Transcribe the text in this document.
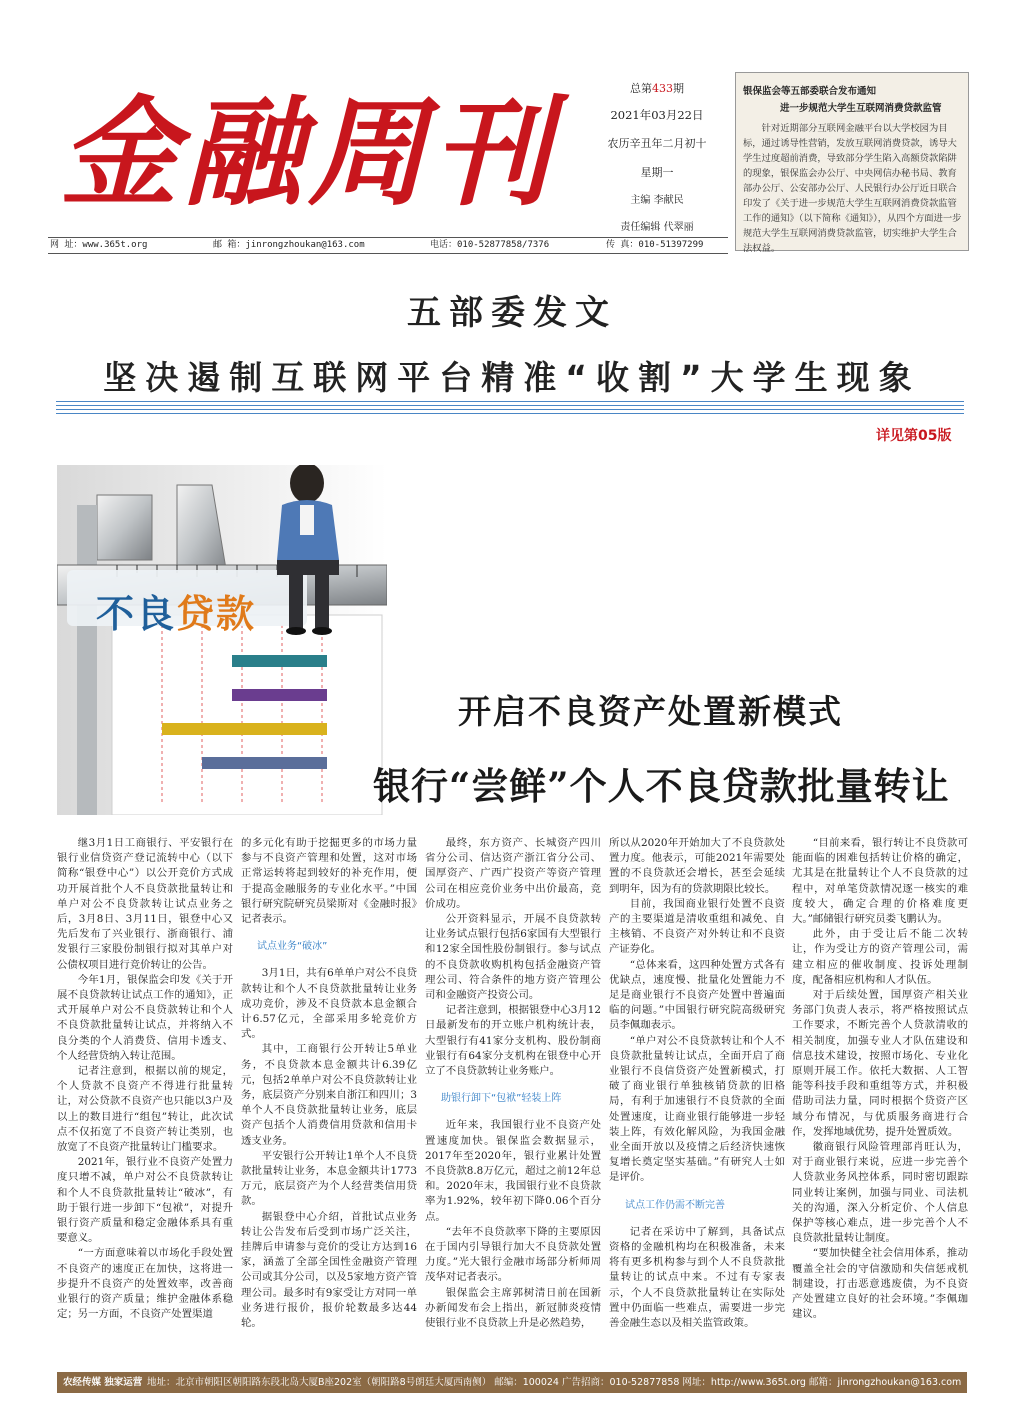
金融周刊	总第433期
2021年03月22日
农历辛丑年二月初十
星期一
主编 李献民
责任编辑 代翠丽
银保监会等五部委联合发布通知
进一步规范大学生互联网消费贷款监管
针对近期部分互联网金融平台以大学校园为目标，通过诱导性营销，发放互联网消费贷款，诱导大学生过度超前消费，导致部分学生陷入高额贷款陷阱的现象，银保监会办公厅、中央网信办秘书局、教育部办公厅、公安部办公厅、人民银行办公厅近日联合印发了《关于进一步规范大学生互联网消费贷款监管工作的通知》（以下简称《通知》），从四个方面进一步规范大学生互联网消费贷款监管，切实维护大学生合法权益。
网 址：www.365t.org	邮 箱：jinrongzhoukan@163.com	电话：010-52877858/7376	传 真：010-51397299
五部委发文
坚决遏制互联网平台精准“收割”大学生现象
详见第05版
不良贷款
开启不良资产处置新模式
银行“尝鲜”个人不良贷款批量转让

继3月1日工商银行、平安银行在银行业信贷资产登记流转中心（以下简称“银登中心”）以公开竞价方式成功开展首批个人不良贷款批量转让和单户对公不良贷款转让试点业务之后，3月8日、3月11日，银登中心又先后发布了兴业银行、浙商银行、浦发银行三家股份制银行拟对其单户对公债权项目进行竞价转让的公告。

今年1月，银保监会印发《关于开展不良贷款转让试点工作的通知》，正式开展单户对公不良贷款转让和个人不良贷款批量转让试点，并将纳入不良分类的个人消费贷、信用卡透支、个人经营贷纳入转让范围。

记者注意到，根据以前的规定，个人贷款不良资产不得进行批量转让，对公贷款不良资产也只能以3户及以上的数目进行“组包”转让，此次试点不仅拓宽了不良资产转让类别，也放宽了不良资产批量转让门槛要求。

2021年，银行业不良资产处置力度只增不减，单户对公不良贷款转让和个人不良贷款批量转让“破冰”，有助于银行进一步卸下“包袱”，对提升银行资产质量和稳定金融体系具有重要意义。

“一方面意味着以市场化手段处置不良资产的速度正在加快，这将进一步提升不良资产的处置效率，改善商业银行的资产质量；维护金融体系稳定；另一方面，不良资产处置渠道

的多元化有助于挖掘更多的市场力量参与不良资产管理和处置，这对市场正常运转将起到较好的补充作用，便于提高金融服务的专业化水平。”中国银行研究院研究员梁斯对《金融时报》记者表示。

试点业务“破冰”

3月1日，共有6单单户对公不良贷款转让和个人不良贷款批量转让业务成功竞价，涉及不良贷款本息金额合计6.57亿元，全部采用多轮竞价方式。

其中，工商银行公开转让5单业务，不良贷款本息金额共计6.39亿元，包括2单单户对公不良贷款转让业务，底层资产分别来自浙江和四川；3单个人不良贷款批量转让业务，底层资产包括个人消费信用贷款和信用卡透支业务。

平安银行公开转让1单个人不良贷款批量转让业务，本息金额共计1773万元，底层资产为个人经营类信用贷款。

据银登中心介绍，首批试点业务转让公告发布后受到市场广泛关注，挂牌后申请参与竞价的受让方达到16家，涵盖了全部全国性金融资产管理公司或其分公司，以及5家地方资产管理公司。最多时有9家受让方对同一单业务进行报价，报价轮数最多达44轮。

最终，东方资产、长城资产四川省分公司、信达资产浙江省分公司、国厚资产、广西广投资产等资产管理公司在相应竞价业务中出价最高，竞价成功。

公开资料显示，开展不良贷款转让业务试点银行包括6家国有大型银行和12家全国性股份制银行。参与试点的不良贷款收购机构包括金融资产管理公司、符合条件的地方资产管理公司和金融资产投资公司。

记者注意到，根据银登中心3月12日最新发布的开立账户机构统计表，大型银行有41家分支机构、股份制商业银行有64家分支机构在银登中心开立了不良贷款转让业务账户。

助银行卸下“包袱”轻装上阵

近年来，我国银行业不良资产处置速度加快。银保监会数据显示，2017年至2020年，银行业累计处置不良贷款8.8万亿元，超过之前12年总和。2020年末，我国银行业不良贷款率为1.92%，较年初下降0.06个百分点。

“去年不良贷款率下降的主要原因在于国内引导银行加大不良贷款处置力度。”光大银行金融市场部分析师周茂华对记者表示。

银保监会主席郭树清日前在国新办新闻发布会上指出，新冠肺炎疫情使银行业不良贷款上升是必然趋势，

所以从2020年开始加大了不良贷款处置力度。他表示，可能2021年需要处置的不良贷款还会增长，甚至会延续到明年，因为有的贷款期限比较长。

目前，我国商业银行处置不良资产的主要渠道是清收重组和减免、自主核销、不良资产对外转让和不良资产证券化。

“总体来看，这四种处置方式各有优缺点，速度慢、批量化处置能力不足是商业银行不良资产处置中普遍面临的问题。”中国银行研究院高级研究员李佩珈表示。

“单户对公不良贷款转让和个人不良贷款批量转让试点，全面开启了商业银行不良信贷资产处置新模式，打破了商业银行单独核销贷款的旧格局，有利于加速银行不良贷款的全面处置速度，让商业银行能够进一步轻装上阵，有效化解风险，为我国金融业全面开放以及疫情之后经济快速恢复增长奠定坚实基础。”有研究人士如是评价。

试点工作仍需不断完善

记者在采访中了解到，具备试点资格的金融机构均在积极准备，未来将有更多机构参与到个人不良贷款批量转让的试点中来。不过有专家表示，个人不良贷款批量转让在实际处置中仍面临一些难点，需要进一步完善金融生态以及相关监管政策。

“目前来看，银行转让不良贷款可能面临的困难包括转让价格的确定，尤其是在批量转让个人不良贷款的过程中，对单笔贷款情况逐一核实的难度较大，确定合理的价格难度更大。”邮储银行研究员娄飞鹏认为。

此外，由于受让后不能二次转让，作为受让方的资产管理公司，需建立相应的催收制度、投诉处理制度，配备相应机构和人才队伍。

对于后续处置，国厚资产相关业务部门负责人表示，将严格按照试点工作要求，不断完善个人贷款清收的相关制度，加强专业人才队伍建设和信息技术建设，按照市场化、专业化原则开展工作。依托大数据、人工智能等科技手段和重组等方式，并积极借助司法力量，同时根据个贷资产区域分布情况，与优质服务商进行合作，发挥地域优势，提升处置质效。

徽商银行风险管理部肖旺认为，对于商业银行来说，应进一步完善个人贷款业务风控体系，同时密切跟踪同业转让案例，加强与同业、司法机关的沟通，深入分析定价、个人信息保护等核心难点，进一步完善个人不良贷款批量转让制度。

“要加快健全社会信用体系，推动覆盖全社会的守信激励和失信惩戒机制建设，打击恶意逃废债，为不良资产处置建立良好的社会环境。”李佩珈建议。

农经传媒 独家运营 地址：北京市朝阳区朝阳路东段北岛大厦B座202室（朝阳路8号朗廷大厦西南侧） 邮编：100024 广告招商：010-52877858 网址：http://www.365t.org 邮箱：jinrongzhoukan@163.com
